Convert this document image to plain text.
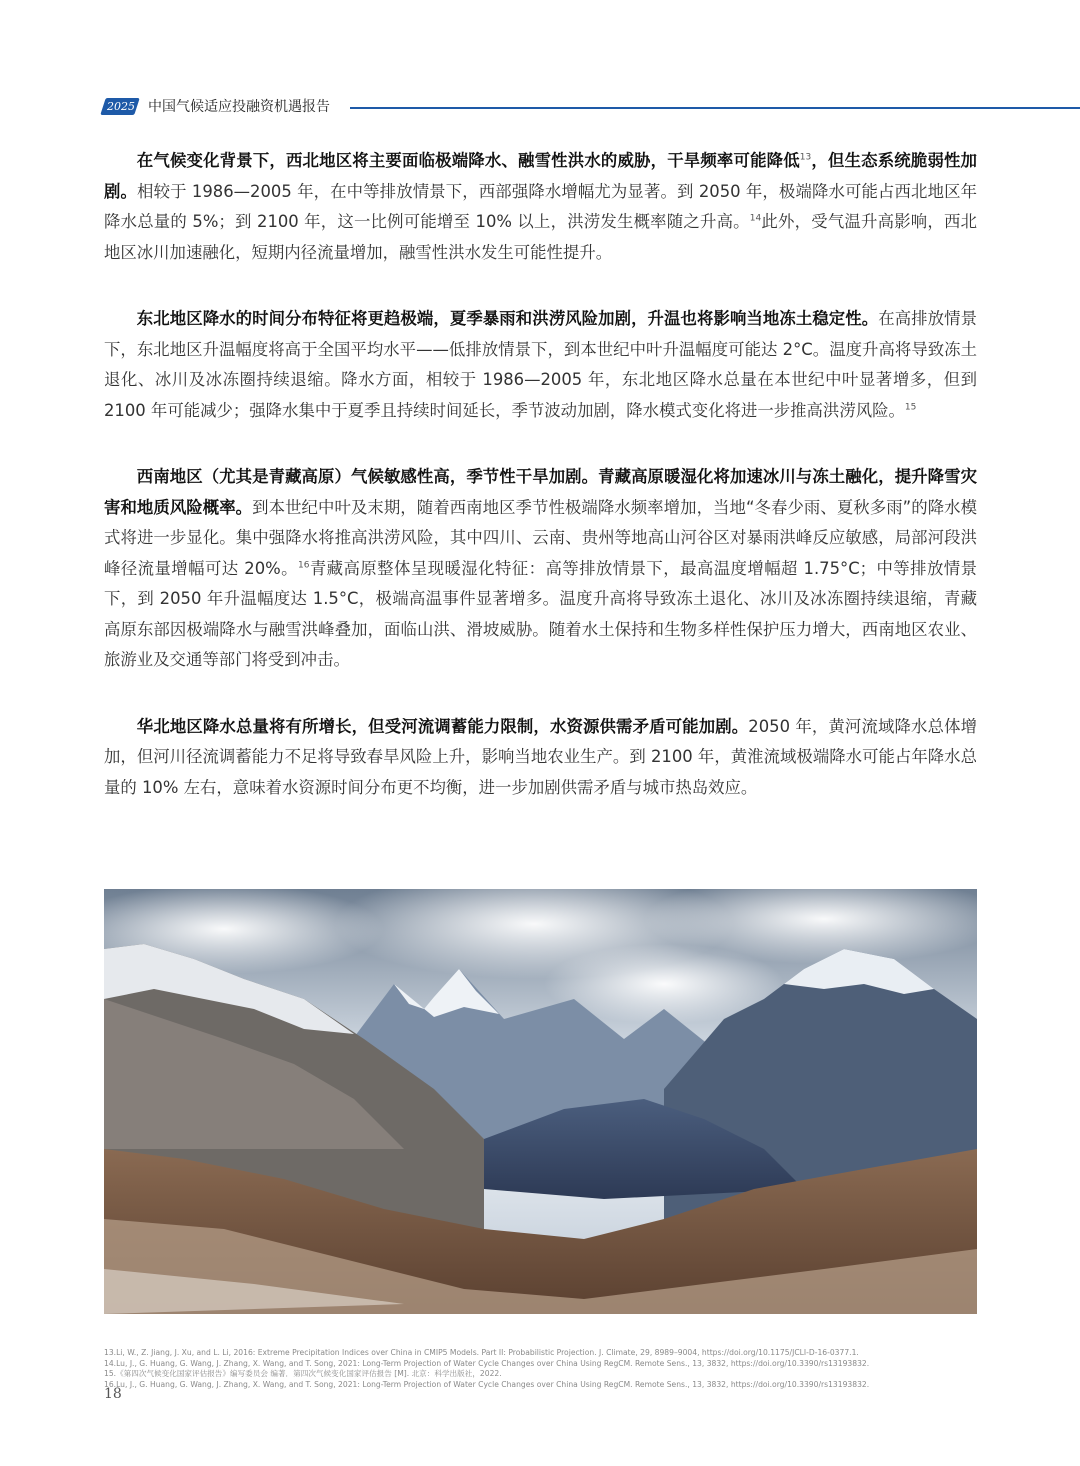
2025 中国气候适应投融资机遇报告

在气候变化背景下，西北地区将主要面临极端降水、融雪性洪水的威胁，干旱频率可能降低$^{13}$，但生态系统脆弱性加剧。相较于 1986—2005 年，在中等排放情景下，西部强降水增幅尤为显著。到 2050 年，极端降水可能占西北地区年降水总量的 5%；到 2100 年，这一比例可能增至 10% 以上，洪涝发生概率随之升高。$^{14}$此外，受气温升高影响，西北地区冰川加速融化，短期内径流量增加，融雪性洪水发生可能性提升。

东北地区降水的时间分布特征将更趋极端，夏季暴雨和洪涝风险加剧，升温也将影响当地冻土稳定性。在高排放情景下，东北地区升温幅度将高于全国平均水平——低排放情景下，到本世纪中叶升温幅度可能达 2°C。温度升高将导致冻土退化、冰川及冰冻圈持续退缩。降水方面，相较于 1986—2005 年，东北地区降水总量在本世纪中叶显著增多，但到 2100 年可能减少；强降水集中于夏季且持续时间延长，季节波动加剧，降水模式变化将进一步推高洪涝风险。$^{15}$

西南地区（尤其是青藏高原）气候敏感性高，季节性干旱加剧。青藏高原暖湿化将加速冰川与冻土融化，提升降雪灾害和地质风险概率。到本世纪中叶及末期，随着西南地区季节性极端降水频率增加，当地“冬春少雨、夏秋多雨”的降水模式将进一步显化。集中强降水将推高洪涝风险，其中四川、云南、贵州等地高山河谷区对暴雨洪峰反应敏感，局部河段洪峰径流量增幅可达 20%。$^{16}$青藏高原整体呈现暖湿化特征：高等排放情景下，最高温度增幅超 1.75°C；中等排放情景下，到 2050 年升温幅度达 1.5°C，极端高温事件显著增多。温度升高将导致冻土退化、冰川及冰冻圈持续退缩，青藏高原东部因极端降水与融雪洪峰叠加，面临山洪、滑坡威胁。随着水土保持和生物多样性保护压力增大，西南地区农业、旅游业及交通等部门将受到冲击。

华北地区降水总量将有所增长，但受河流调蓄能力限制，水资源供需矛盾可能加剧。2050 年，黄河流域降水总体增加，但河川径流调蓄能力不足将导致春旱风险上升，影响当地农业生产。到 2100 年，黄淮流域极端降水可能占年降水总量的 10% 左右，意味着水资源时间分布更不均衡，进一步加剧供需矛盾与城市热岛效应。

13.Li, W., Z. Jiang, J. Xu, and L. Li, 2016: Extreme Precipitation Indices over China in CMIP5 Models. Part II: Probabilistic Projection. J. Climate, 29, 8989–9004, https://doi.org/10.1175/JCLI-D-16-0377.1.
14.Lu, J., G. Huang, G. Wang, J. Zhang, X. Wang, and T. Song, 2021: Long-Term Projection of Water Cycle Changes over China Using RegCM. Remote Sens., 13, 3832, https://doi.org/10.3390/rs13193832.
15.《第四次气候变化国家评估报告》编写委员会 编著．第四次气候变化国家评估报告 [M]. 北京：科学出版社，2022.
16.Lu, J., G. Huang, G. Wang, J. Zhang, X. Wang, and T. Song, 2021: Long-Term Projection of Water Cycle Changes over China Using RegCM. Remote Sens., 13, 3832, https://doi.org/10.3390/rs13193832.
18
